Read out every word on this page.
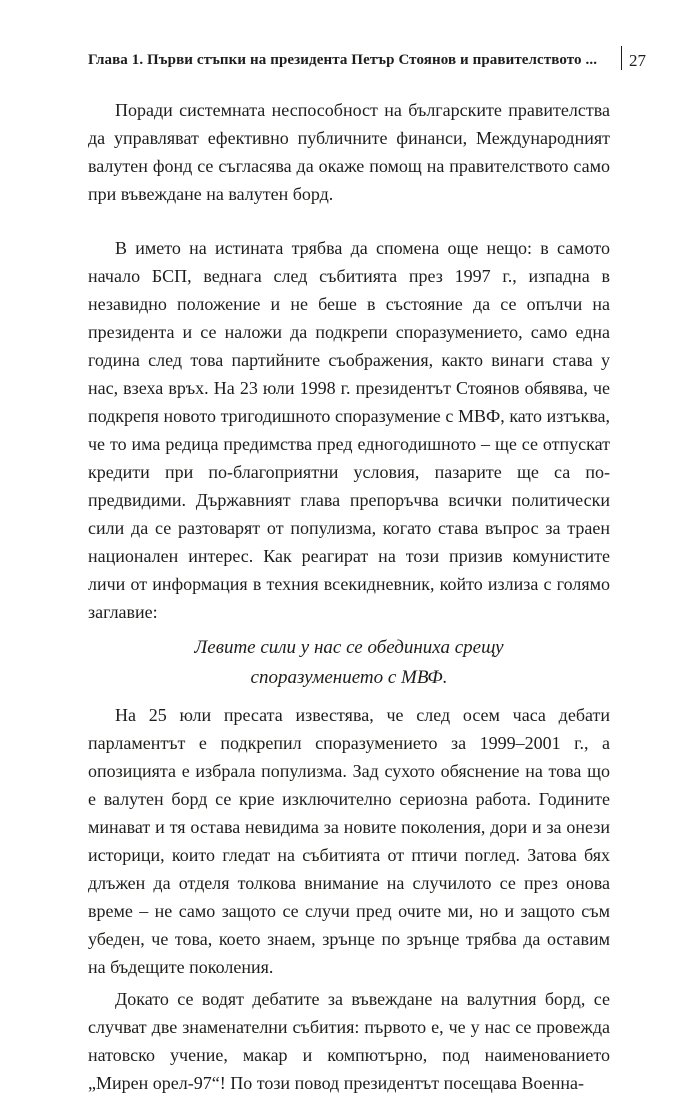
Глава 1. Първи стъпки на президента Петър Стоянов и правителството ... 27

Поради системната неспособност на българските правителства да управляват ефективно публичните финанси, Международният валутен фонд се съгласява да окаже помощ на правителството само при въвеждане на валутен борд.

В името на истината трябва да спомена още нещо: в самото начало БСП, веднага след събитията през 1997 г., изпадна в незавидно положение и не беше в състояние да се опълчи на президента и се наложи да подкрепи споразумението, само една година след това партийните съображения, както винаги става у нас, взеха връх. На 23 юли 1998 г. президентът Стоянов обявява, че подкрепя новото тригодишното споразумение с МВФ, като изтъква, че то има редица предимства пред едногодишното – ще се отпускат кредити при по-благоприятни условия, пазарите ще са по-предвидими. Държавният глава препоръчва всички политически сили да се разтоварят от популизма, когато става въпрос за траен национален интерес. Как реагират на този призив комунистите личи от информация в техния всекидневник, който излиза с голямо заглавие:

Левите сили у нас се обединиха срещу
споразумението с МВФ.

На 25 юли пресата известява, че след осем часа дебати парламентът е подкрепил споразумението за 1999–2001 г., а опозицията е избрала популизма. Зад сухото обяснение на това що е валутен борд се крие изключително сериозна работа. Годините минават и тя остава невидима за новите поколения, дори и за онези историци, които гледат на събитията от птичи поглед. Затова бях длъжен да отделя толкова внимание на случилото се през онова време – не само защото се случи пред очите ми, но и защото съм убеден, че това, което знаем, зрънце по зрънце трябва да оставим на бъдещите поколения.

Докато се водят дебатите за въвеждане на валутния борд, се случват две знаменателни събития: първото е, че у нас се провежда натовско учение, макар и компютърно, под наименованието „Мирен орел-97“! По този повод президентът посещава Военна-
